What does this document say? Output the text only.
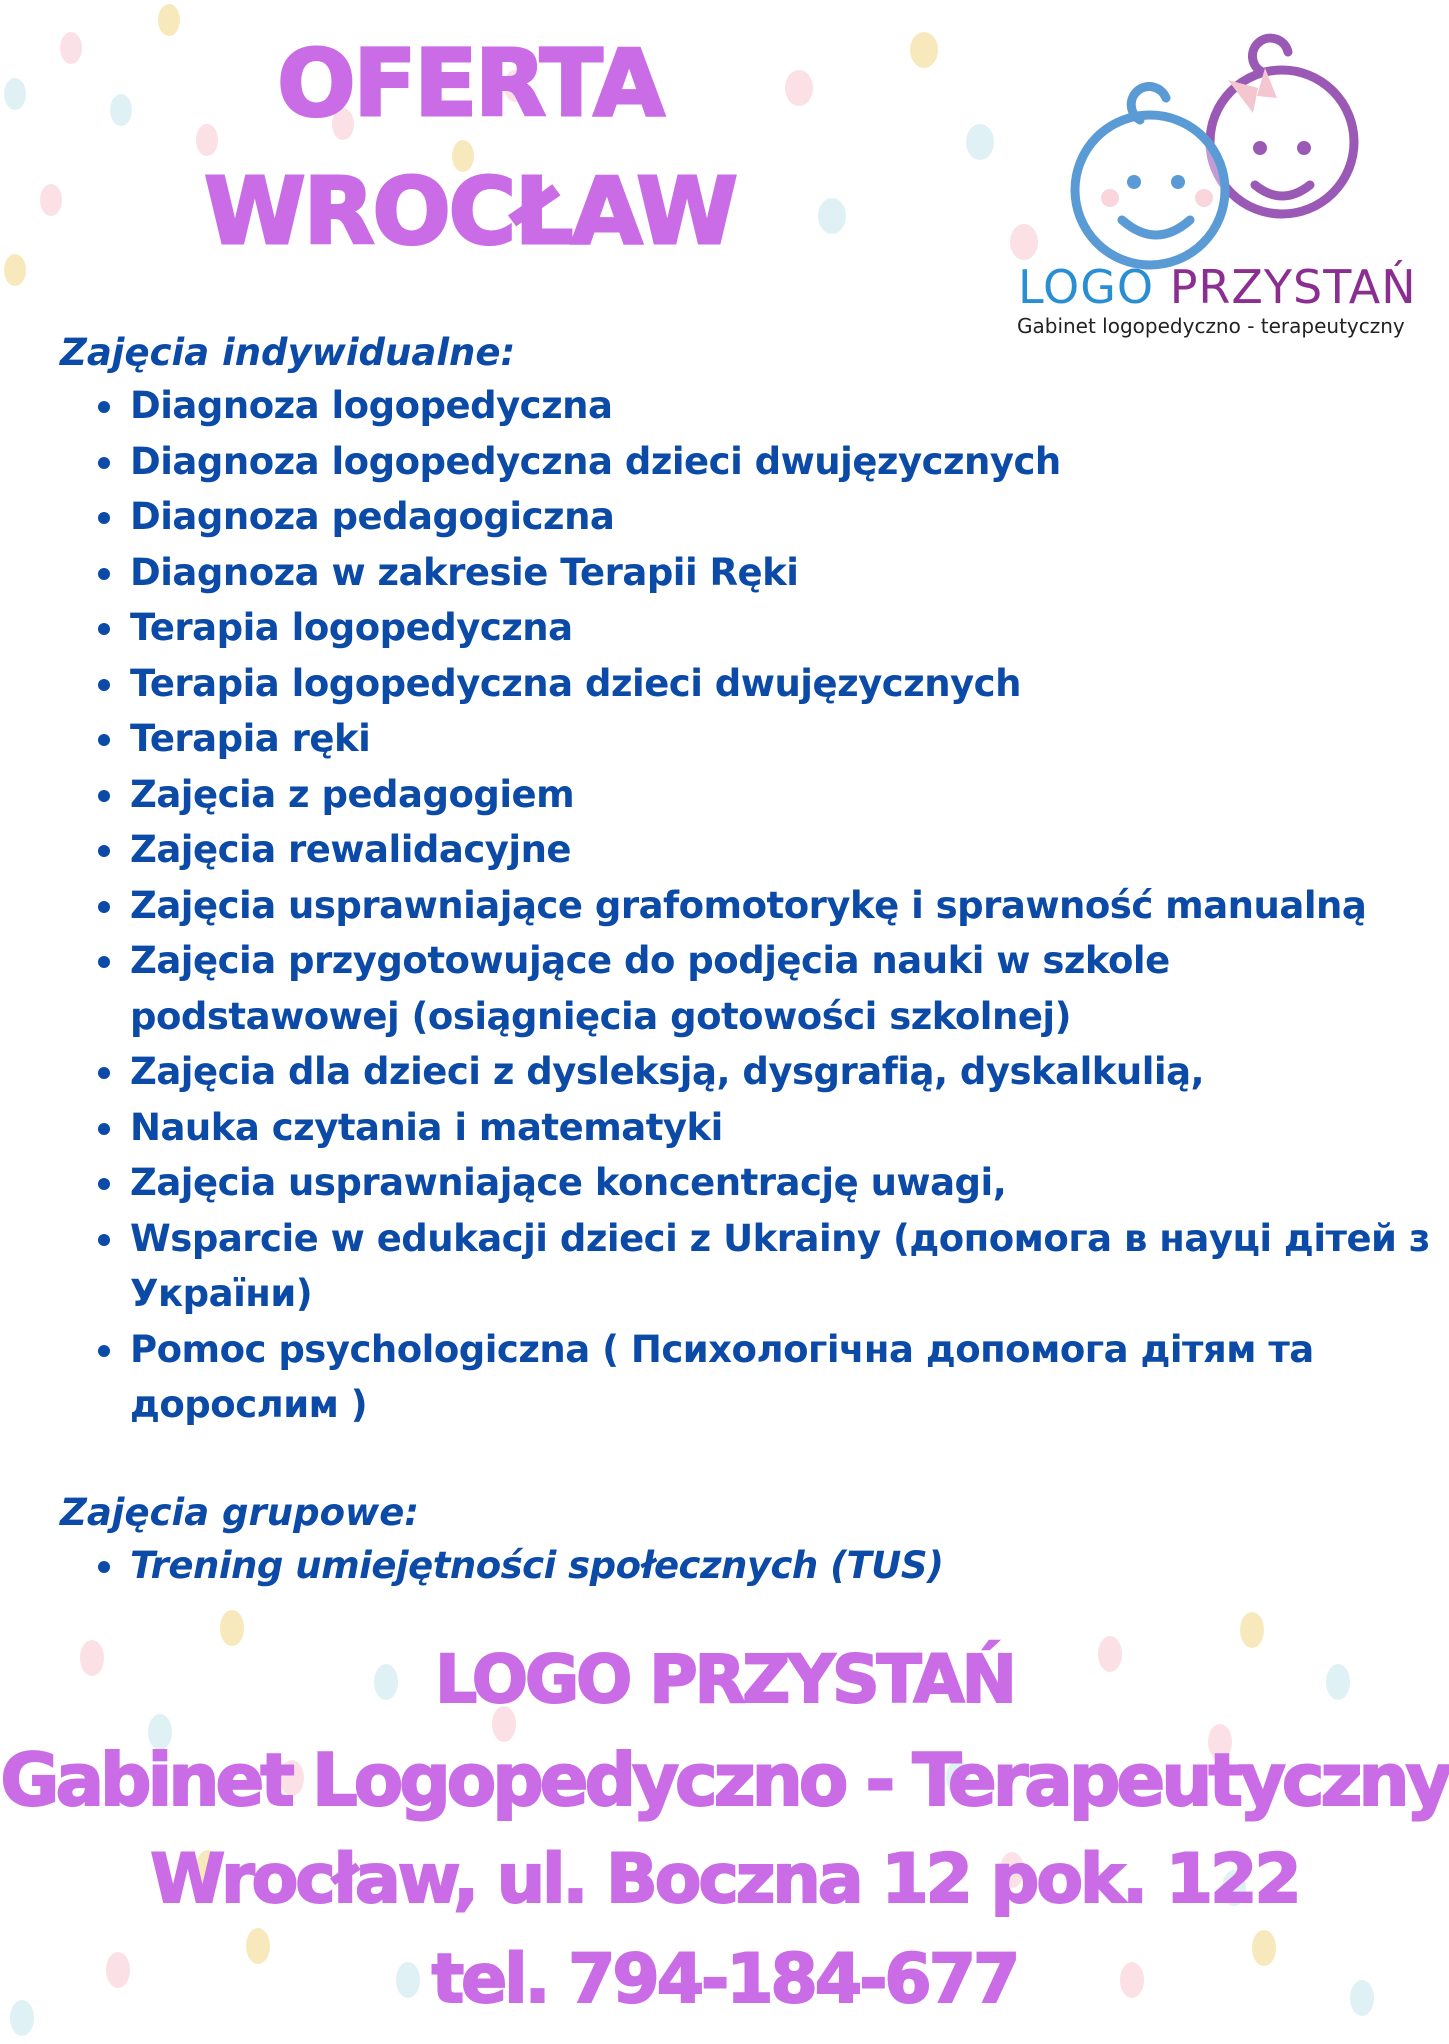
OFERTA
WROCŁAW
LOGO PRZYSTAŃ
Gabinet logopedyczno - terapeutyczny

Zajęcia indywidualne:

Diagnoza logopedyczna
Diagnoza logopedyczna dzieci dwujęzycznych
Diagnoza pedagogiczna
Diagnoza w zakresie Terapii Ręki
Terapia logopedyczna
Terapia logopedyczna dzieci dwujęzycznych
Terapia ręki
Zajęcia z pedagogiem
Zajęcia rewalidacyjne
Zajęcia usprawniające grafomotorykę i sprawność manualną
Zajęcia przygotowujące do podjęcia nauki w szkole podstawowej (osiągnięcia gotowości szkolnej)
Zajęcia dla dzieci z dysleksją, dysgrafią, dyskalkulią,
Nauka czytania i matematyki
Zajęcia usprawniające koncentrację uwagi,
Wsparcie w edukacji dzieci z Ukrainy (допомога в науці дітей з України)
Pomoc psychologiczna ( Психологічна допомога дітям та дорослим )

Zajęcia grupowe:

Trening umiejętności społecznych (TUS)
LOGO PRZYSTAŃ
Gabinet Logopedyczno - Terapeutyczny
Wrocław, ul. Boczna 12 pok. 122
tel. 794-184-677
